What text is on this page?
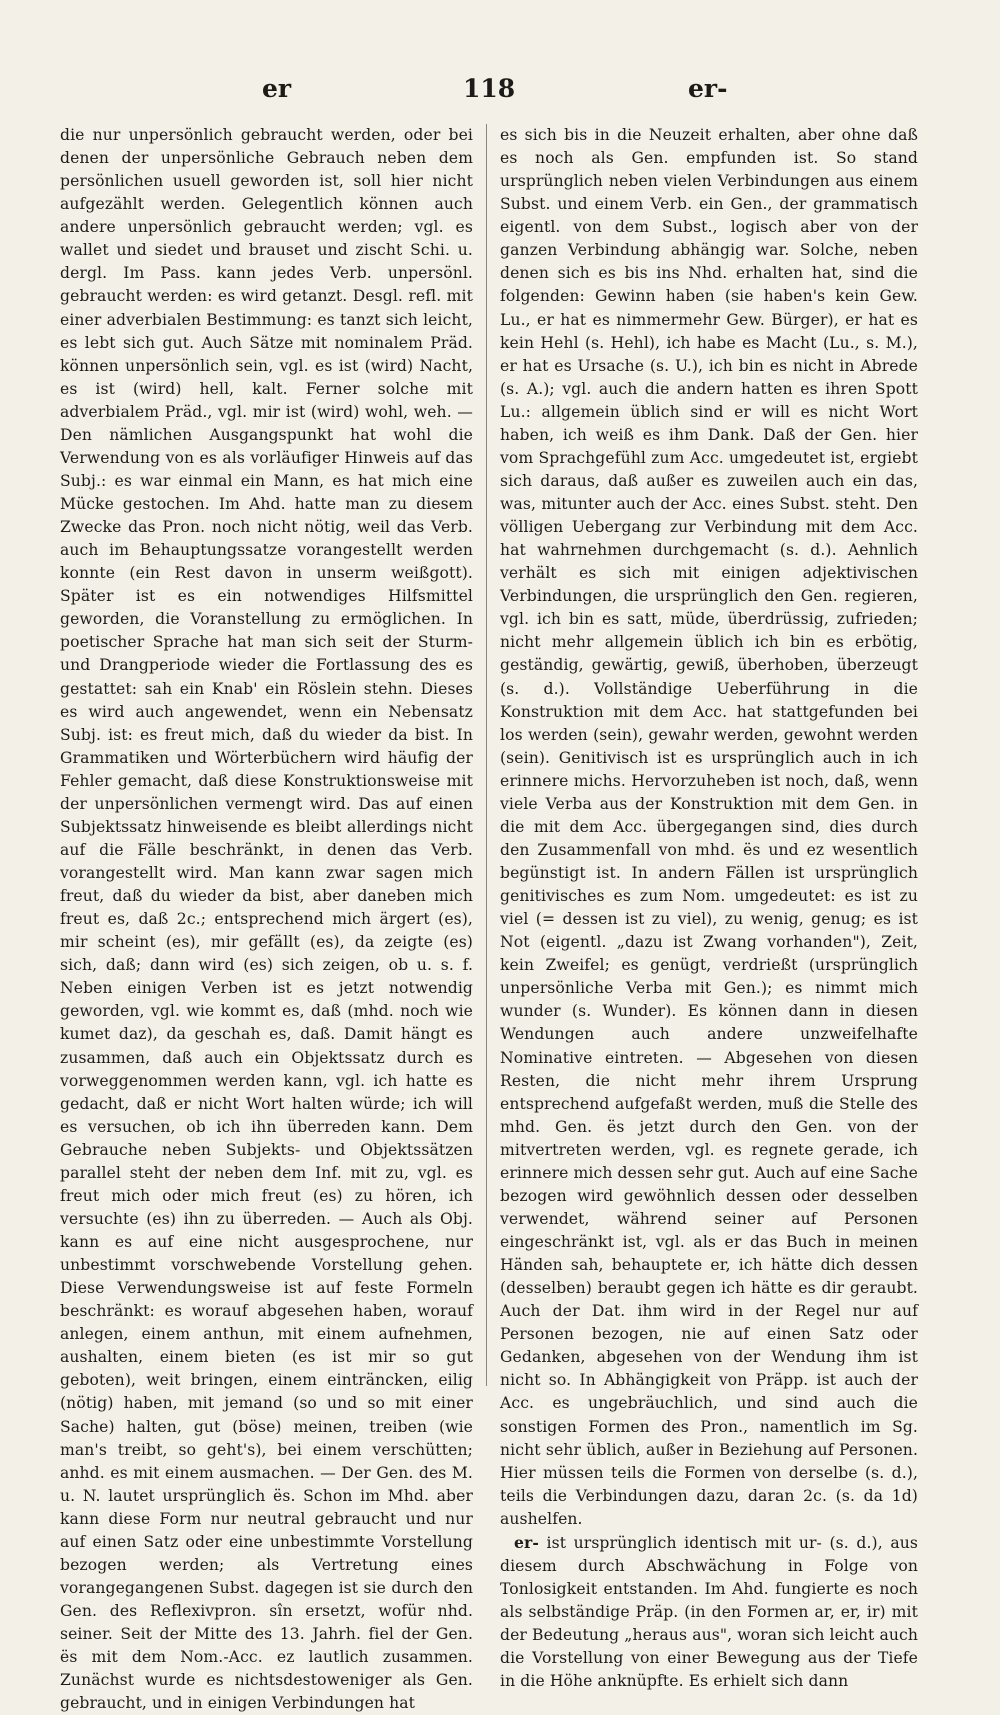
er	118	er-

die nur unpersönlich gebraucht werden, oder bei denen der unpersönliche Gebrauch neben dem persönlichen usuell geworden ist, soll hier nicht aufgezählt werden. Gelegentlich können auch andere unpersönlich gebraucht werden; vgl. es wallet und siedet und brauset und zischt Schi. u. dergl. Im Pass. kann jedes Verb. unpersönl. gebraucht werden: es wird getanzt. Desgl. refl. mit einer adverbialen Bestimmung: es tanzt sich leicht, es lebt sich gut. Auch Sätze mit nominalem Präd. können unpersönlich sein, vgl. es ist (wird) Nacht, es ist (wird) hell, kalt. Ferner solche mit adverbialem Präd., vgl. mir ist (wird) wohl, weh. — Den nämlichen Ausgangspunkt hat wohl die Verwendung von es als vorläufiger Hinweis auf das Subj.: es war einmal ein Mann, es hat mich eine Mücke gestochen. Im Ahd. hatte man zu diesem Zwecke das Pron. noch nicht nötig, weil das Verb. auch im Behauptungssatze vorangestellt werden konnte (ein Rest davon in unserm weißgott). Später ist es ein notwendiges Hilfsmittel geworden, die Voranstellung zu ermöglichen. In poetischer Sprache hat man sich seit der Sturm- und Drangperiode wieder die Fortlassung des es gestattet: sah ein Knab' ein Röslein stehn. Dieses es wird auch angewendet, wenn ein Nebensatz Subj. ist: es freut mich, daß du wieder da bist. In Grammatiken und Wörterbüchern wird häufig der Fehler gemacht, daß diese Konstruktionsweise mit der unpersönlichen vermengt wird. Das auf einen Subjektssatz hinweisende es bleibt allerdings nicht auf die Fälle beschränkt, in denen das Verb. vorangestellt wird. Man kann zwar sagen mich freut, daß du wieder da bist, aber daneben mich freut es, daß 2c.; entsprechend mich ärgert (es), mir scheint (es), mir gefällt (es), da zeigte (es) sich, daß; dann wird (es) sich zeigen, ob u. s. f. Neben einigen Verben ist es jetzt notwendig geworden, vgl. wie kommt es, daß (mhd. noch wie kumet daz), da geschah es, daß. Damit hängt es zusammen, daß auch ein Objektssatz durch es vorweggenommen werden kann, vgl. ich hatte es gedacht, daß er nicht Wort halten würde; ich will es versuchen, ob ich ihn überreden kann. Dem Gebrauche neben Subjekts- und Objektssätzen parallel steht der neben dem Inf. mit zu, vgl. es freut mich oder mich freut (es) zu hören, ich versuchte (es) ihn zu überreden. — Auch als Obj. kann es auf eine nicht ausgesprochene, nur unbestimmt vorschwebende Vorstellung gehen. Diese Verwendungsweise ist auf feste Formeln beschränkt: es worauf abgesehen haben, worauf anlegen, einem anthun, mit einem aufnehmen, aushalten, einem bieten (es ist mir so gut geboten), weit bringen, einem einträncken, eilig (nötig) haben, mit jemand (so und so mit einer Sache) halten, gut (böse) meinen, treiben (wie man's treibt, so geht's), bei einem verschütten; anhd. es mit einem ausmachen. — Der Gen. des M. u. N. lautet ursprünglich ës. Schon im Mhd. aber kann diese Form nur neutral gebraucht und nur auf einen Satz oder eine unbestimmte Vorstellung bezogen werden; als Vertretung eines vorangegangenen Subst. dagegen ist sie durch den Gen. des Reflexivpron. sîn ersetzt, wofür nhd. seiner. Seit der Mitte des 13. Jahrh. fiel der Gen. ës mit dem Nom.-Acc. ez lautlich zusammen. Zunächst wurde es nichtsdestoweniger als Gen. gebraucht, und in einigen Verbindungen hat

es sich bis in die Neuzeit erhalten, aber ohne daß es noch als Gen. empfunden ist. So stand ursprünglich neben vielen Verbindungen aus einem Subst. und einem Verb. ein Gen., der grammatisch eigentl. von dem Subst., logisch aber von der ganzen Verbindung abhängig war. Solche, neben denen sich es bis ins Nhd. erhalten hat, sind die folgenden: Gewinn haben (sie haben's kein Gew. Lu., er hat es nimmermehr Gew. Bürger), er hat es kein Hehl (s. Hehl), ich habe es Macht (Lu., s. M.), er hat es Ursache (s. U.), ich bin es nicht in Abrede (s. A.); vgl. auch die andern hatten es ihren Spott Lu.: allgemein üblich sind er will es nicht Wort haben, ich weiß es ihm Dank. Daß der Gen. hier vom Sprachgefühl zum Acc. umgedeutet ist, ergiebt sich daraus, daß außer es zuweilen auch ein das, was, mitunter auch der Acc. eines Subst. steht. Den völligen Uebergang zur Verbindung mit dem Acc. hat wahrnehmen durchgemacht (s. d.). Aehnlich verhält es sich mit einigen adjektivischen Verbindungen, die ursprünglich den Gen. regieren, vgl. ich bin es satt, müde, überdrüssig, zufrieden; nicht mehr allgemein üblich ich bin es erbötig, geständig, gewärtig, gewiß, überhoben, überzeugt (s. d.). Vollständige Ueberführung in die Konstruktion mit dem Acc. hat stattgefunden bei los werden (sein), gewahr werden, gewohnt werden (sein). Genitivisch ist es ursprünglich auch in ich erinnere michs. Hervorzuheben ist noch, daß, wenn viele Verba aus der Konstruktion mit dem Gen. in die mit dem Acc. übergegangen sind, dies durch den Zusammenfall von mhd. ës und ez wesentlich begünstigt ist. In andern Fällen ist ursprünglich genitivisches es zum Nom. umgedeutet: es ist zu viel (= dessen ist zu viel), zu wenig, genug; es ist Not (eigentl. „dazu ist Zwang vorhanden"), Zeit, kein Zweifel; es genügt, verdrießt (ursprünglich unpersönliche Verba mit Gen.); es nimmt mich wunder (s. Wunder). Es können dann in diesen Wendungen auch andere unzweifelhafte Nominative eintreten. — Abgesehen von diesen Resten, die nicht mehr ihrem Ursprung entsprechend aufgefaßt werden, muß die Stelle des mhd. Gen. ës jetzt durch den Gen. von der mitvertreten werden, vgl. es regnete gerade, ich erinnere mich dessen sehr gut. Auch auf eine Sache bezogen wird gewöhnlich dessen oder desselben verwendet, während seiner auf Personen eingeschränkt ist, vgl. als er das Buch in meinen Händen sah, behauptete er, ich hätte dich dessen (desselben) beraubt gegen ich hätte es dir geraubt. Auch der Dat. ihm wird in der Regel nur auf Personen bezogen, nie auf einen Satz oder Gedanken, abgesehen von der Wendung ihm ist nicht so. In Abhängigkeit von Präpp. ist auch der Acc. es ungebräuchlich, und sind auch die sonstigen Formen des Pron., namentlich im Sg. nicht sehr üblich, außer in Beziehung auf Personen. Hier müssen teils die Formen von derselbe (s. d.), teils die Verbindungen dazu, daran 2c. (s. da 1d) aushelfen.

er- ist ursprünglich identisch mit ur- (s. d.), aus diesem durch Abschwächung in Folge von Tonlosigkeit entstanden. Im Ahd. fungierte es noch als selbständige Präp. (in den Formen ar, er, ir) mit der Bedeutung „heraus aus", woran sich leicht auch die Vorstellung von einer Bewegung aus der Tiefe in die Höhe anknüpfte. Es erhielt sich dann
